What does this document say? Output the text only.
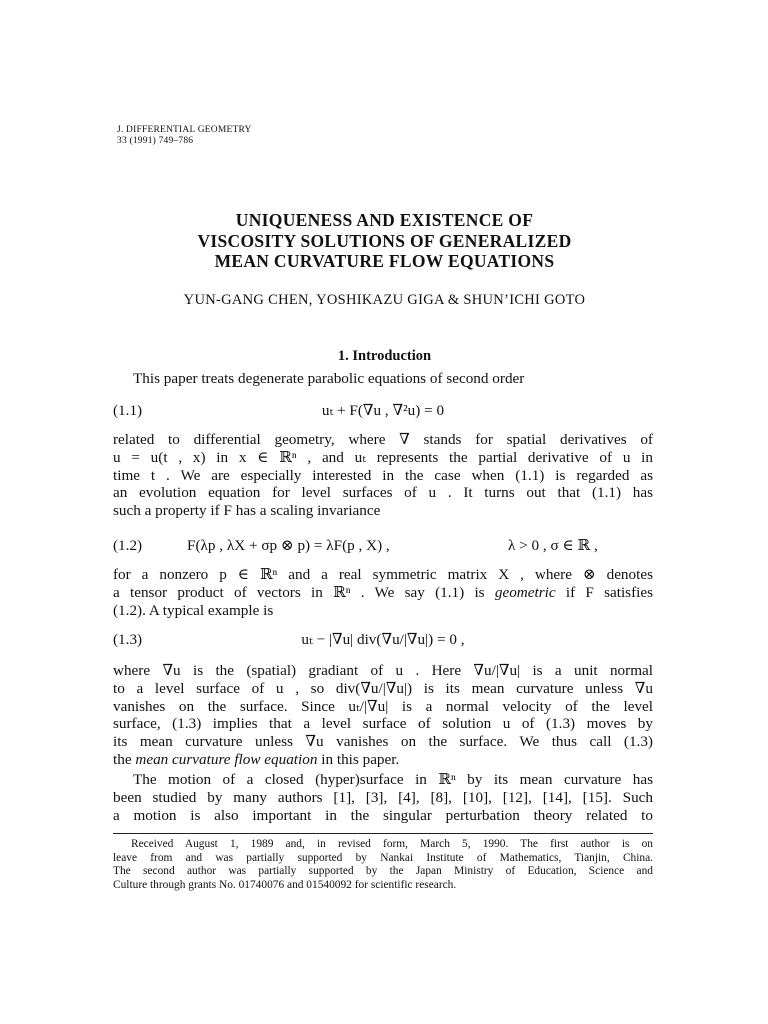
J. DIFFERENTIAL GEOMETRY
33 (1991) 749–786
UNIQUENESS AND EXISTENCE OF
VISCOSITY SOLUTIONS OF GENERALIZED
MEAN CURVATURE FLOW EQUATIONS
YUN-GANG CHEN, YOSHIKAZU GIGA & SHUN’ICHI GOTO
1. Introduction
This paper treats degenerate parabolic equations of second order
(1.1)	uₜ + F(∇u , ∇²u) = 0
related to differential geometry, where ∇ stands for spatial derivatives of
u = u(t , x) in x ∈ ℝⁿ , and uₜ represents the partial derivative of u in
time t . We are especially interested in the case when (1.1) is regarded as
an evolution equation for level surfaces of u . It turns out that (1.1) has
such a property if F has a scaling invariance
(1.2)	F(λp , λX + σp ⊗ p) = λF(p , X) ,	λ > 0 , σ ∈ ℝ ,
for a nonzero p ∈ ℝⁿ and a real symmetric matrix X , where ⊗ denotes
a tensor product of vectors in ℝⁿ . We say (1.1) is geometric if F satisfies
(1.2). A typical example is
(1.3)	uₜ − |∇u| div(∇u/|∇u|) = 0 ,
where ∇u is the (spatial) gradiant of u . Here ∇u/|∇u| is a unit normal
to a level surface of u , so div(∇u/|∇u|) is its mean curvature unless ∇u
vanishes on the surface. Since uₜ/|∇u| is a normal velocity of the level
surface, (1.3) implies that a level surface of solution u of (1.3) moves by
its mean curvature unless ∇u vanishes on the surface. We thus call (1.3)
the mean curvature flow equation in this paper.
The motion of a closed (hyper)surface in ℝⁿ by its mean curvature has
been studied by many authors [1], [3], [4], [8], [10], [12], [14], [15]. Such
a motion is also important in the singular perturbation theory related to
Received August 1, 1989 and, in revised form, March 5, 1990. The first author is on
leave from and was partially supported by Nankai Institute of Mathematics, Tianjin, China.
The second author was partially supported by the Japan Ministry of Education, Science and
Culture through grants No. 01740076 and 01540092 for scientific research.
